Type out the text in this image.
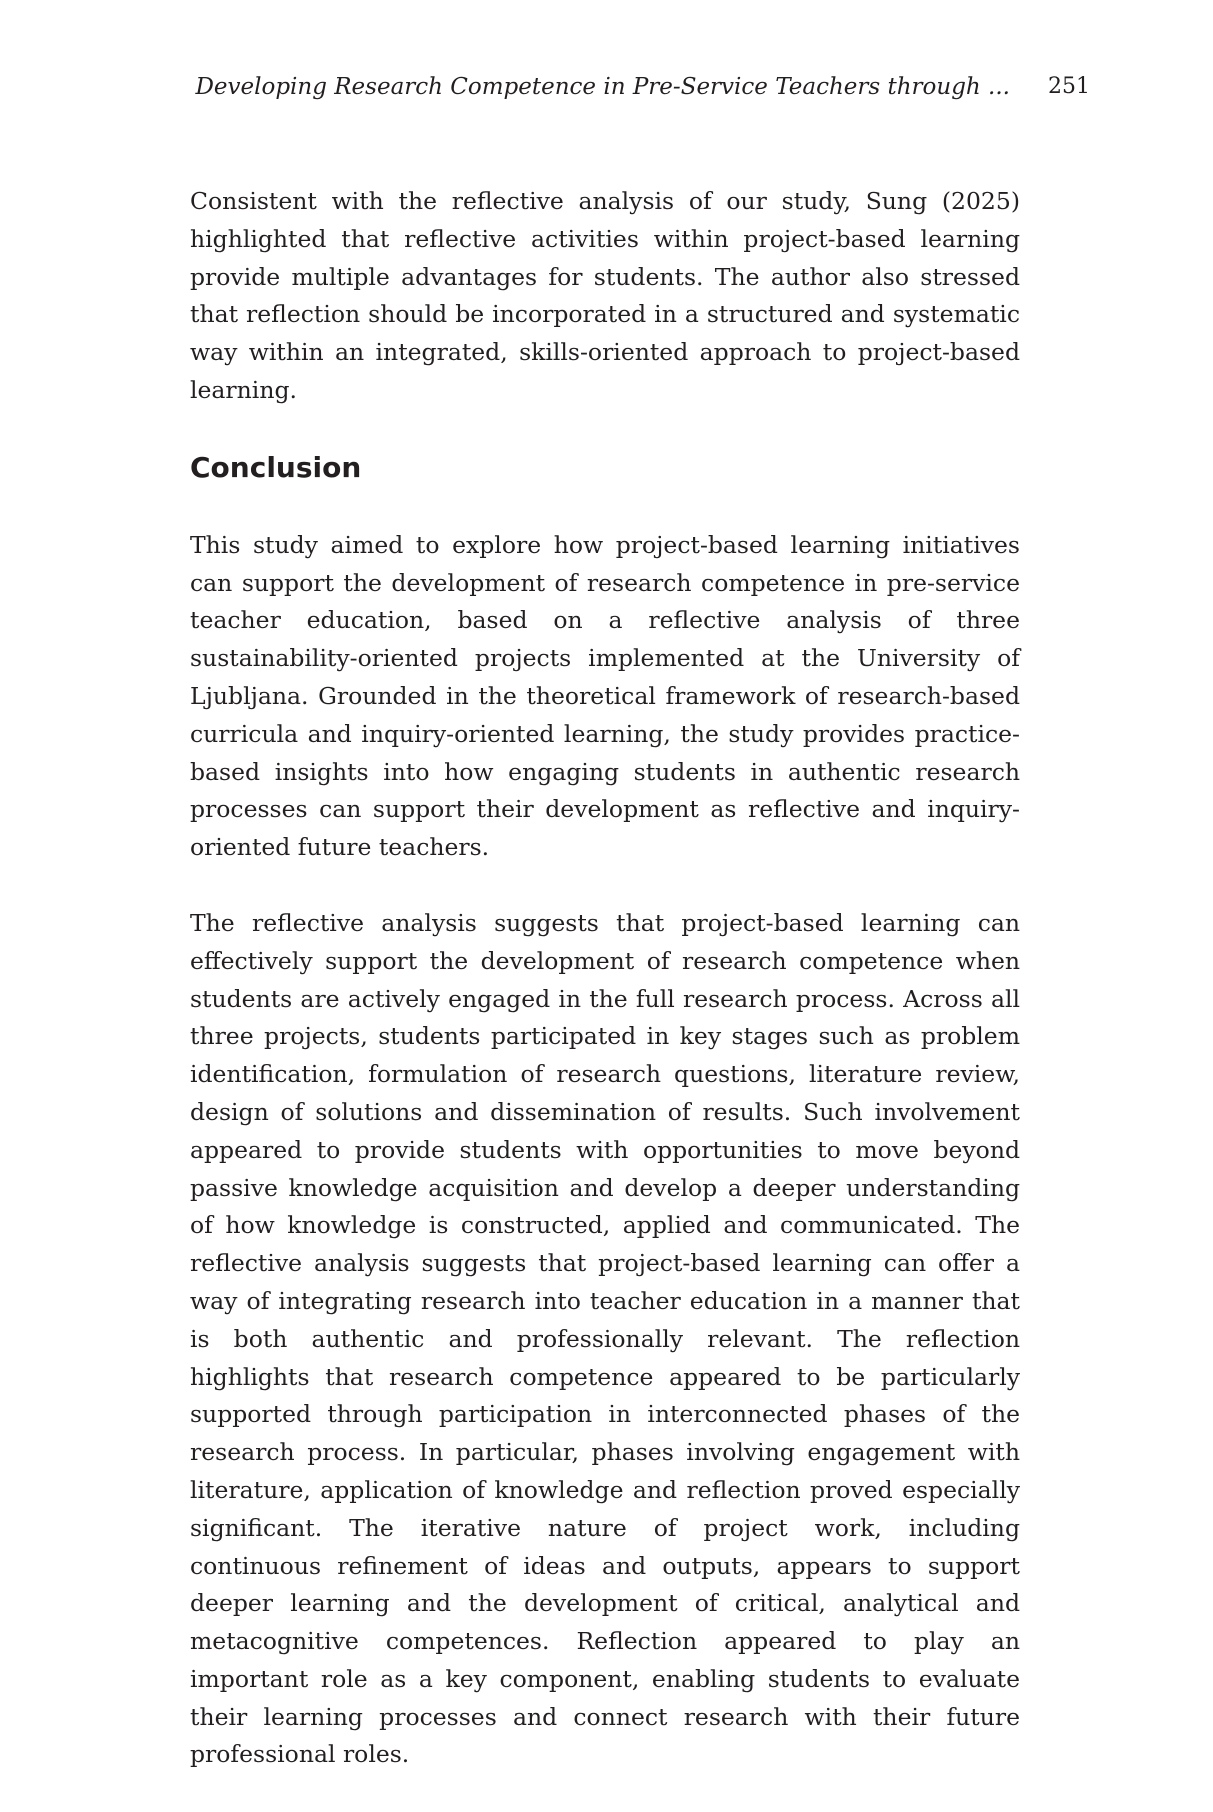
Developing Research Competence in Pre-Service Teachers through ... 251

Consistent with the reflective analysis of our study, Sung (2025) highlighted that reflective activities within project-based learning provide multiple advantages for students. The author also stressed that reflection should be incorporated in a structured and systematic way within an integrated, skills-oriented approach to project-based learning.

Conclusion

This study aimed to explore how project-based learning initiatives can support the development of research competence in pre-service teacher education, based on a reflective analysis of three sustainability-oriented projects implemented at the University of Ljubljana. Grounded in the theoretical framework of research-based curricula and inquiry-oriented learning, the study provides practice-based insights into how engaging students in authentic research processes can support their development as reflective and inquiry-oriented future teachers.

The reflective analysis suggests that project-based learning can effectively support the development of research competence when students are actively engaged in the full research process. Across all three projects, students participated in key stages such as problem identification, formulation of research questions, literature review, design of solutions and dissemination of results. Such involvement appeared to provide students with opportunities to move beyond passive knowledge acquisition and develop a deeper understanding of how knowledge is constructed, applied and communicated. The reflective analysis suggests that project-based learning can offer a way of integrating research into teacher education in a manner that is both authentic and professionally relevant. The reflection highlights that research competence appeared to be particularly supported through participation in interconnected phases of the research process. In particular, phases involving engagement with literature, application of knowledge and reflection proved especially significant. The iterative nature of project work, including continuous refinement of ideas and outputs, appears to support deeper learning and the development of critical, analytical and metacognitive competences. Reflection appeared to play an important role as a key component, enabling students to evaluate their learning processes and connect research with their future professional roles.
